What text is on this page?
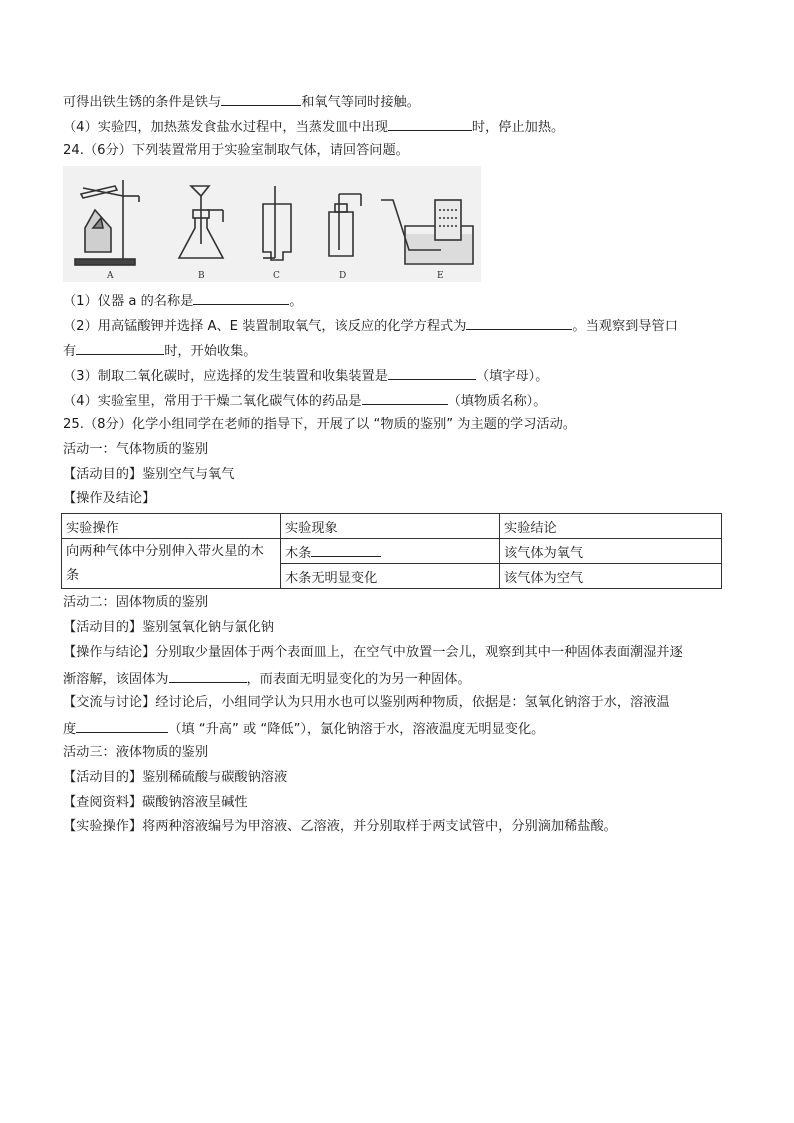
可得出铁生锈的条件是铁与	和氧气等同时接触。
（4）实验四，加热蒸发食盐水过程中，当蒸发皿中出现	时，停止加热。
24.（6分）下列装置常用于实验室制取气体，请回答问题。
A	B	C	D	E
（1）仪器 a 的名称是	。
（2）用高锰酸钾并选择 A、E 装置制取氧气，该反应的化学方程式为	。当观察到导管口
有	时，开始收集。
（3）制取二氧化碳时，应选择的发生装置和收集装置是	（填字母）。
（4）实验室里，常用于干燥二氧化碳气体的药品是	（填物质名称）。
25.（8分）化学小组同学在老师的指导下，开展了以 “物质的鉴别” 为主题的学习活动。
活动一：气体物质的鉴别
【活动目的】鉴别空气与氧气
【操作及结论】
实验操作	实验现象	实验结论
向两种气体中分别伸入带火星的木条	木条	该气体为氧气
	木条无明显变化	该气体为空气
活动二：固体物质的鉴别
【活动目的】鉴别氢氧化钠与氯化钠
【操作与结论】分别取少量固体于两个表面皿上，在空气中放置一会儿，观察到其中一种固体表面潮湿并逐
渐溶解，该固体为	，而表面无明显变化的为另一种固体。
【交流与讨论】经讨论后，小组同学认为只用水也可以鉴别两种物质，依据是：氢氧化钠溶于水，溶液温
度	（填 “升高” 或 “降低”），氯化钠溶于水，溶液温度无明显变化。
活动三：液体物质的鉴别
【活动目的】鉴别稀硫酸与碳酸钠溶液
【查阅资料】碳酸钠溶液呈碱性
【实验操作】将两种溶液编号为甲溶液、乙溶液，并分别取样于两支试管中，分别滴加稀盐酸。
